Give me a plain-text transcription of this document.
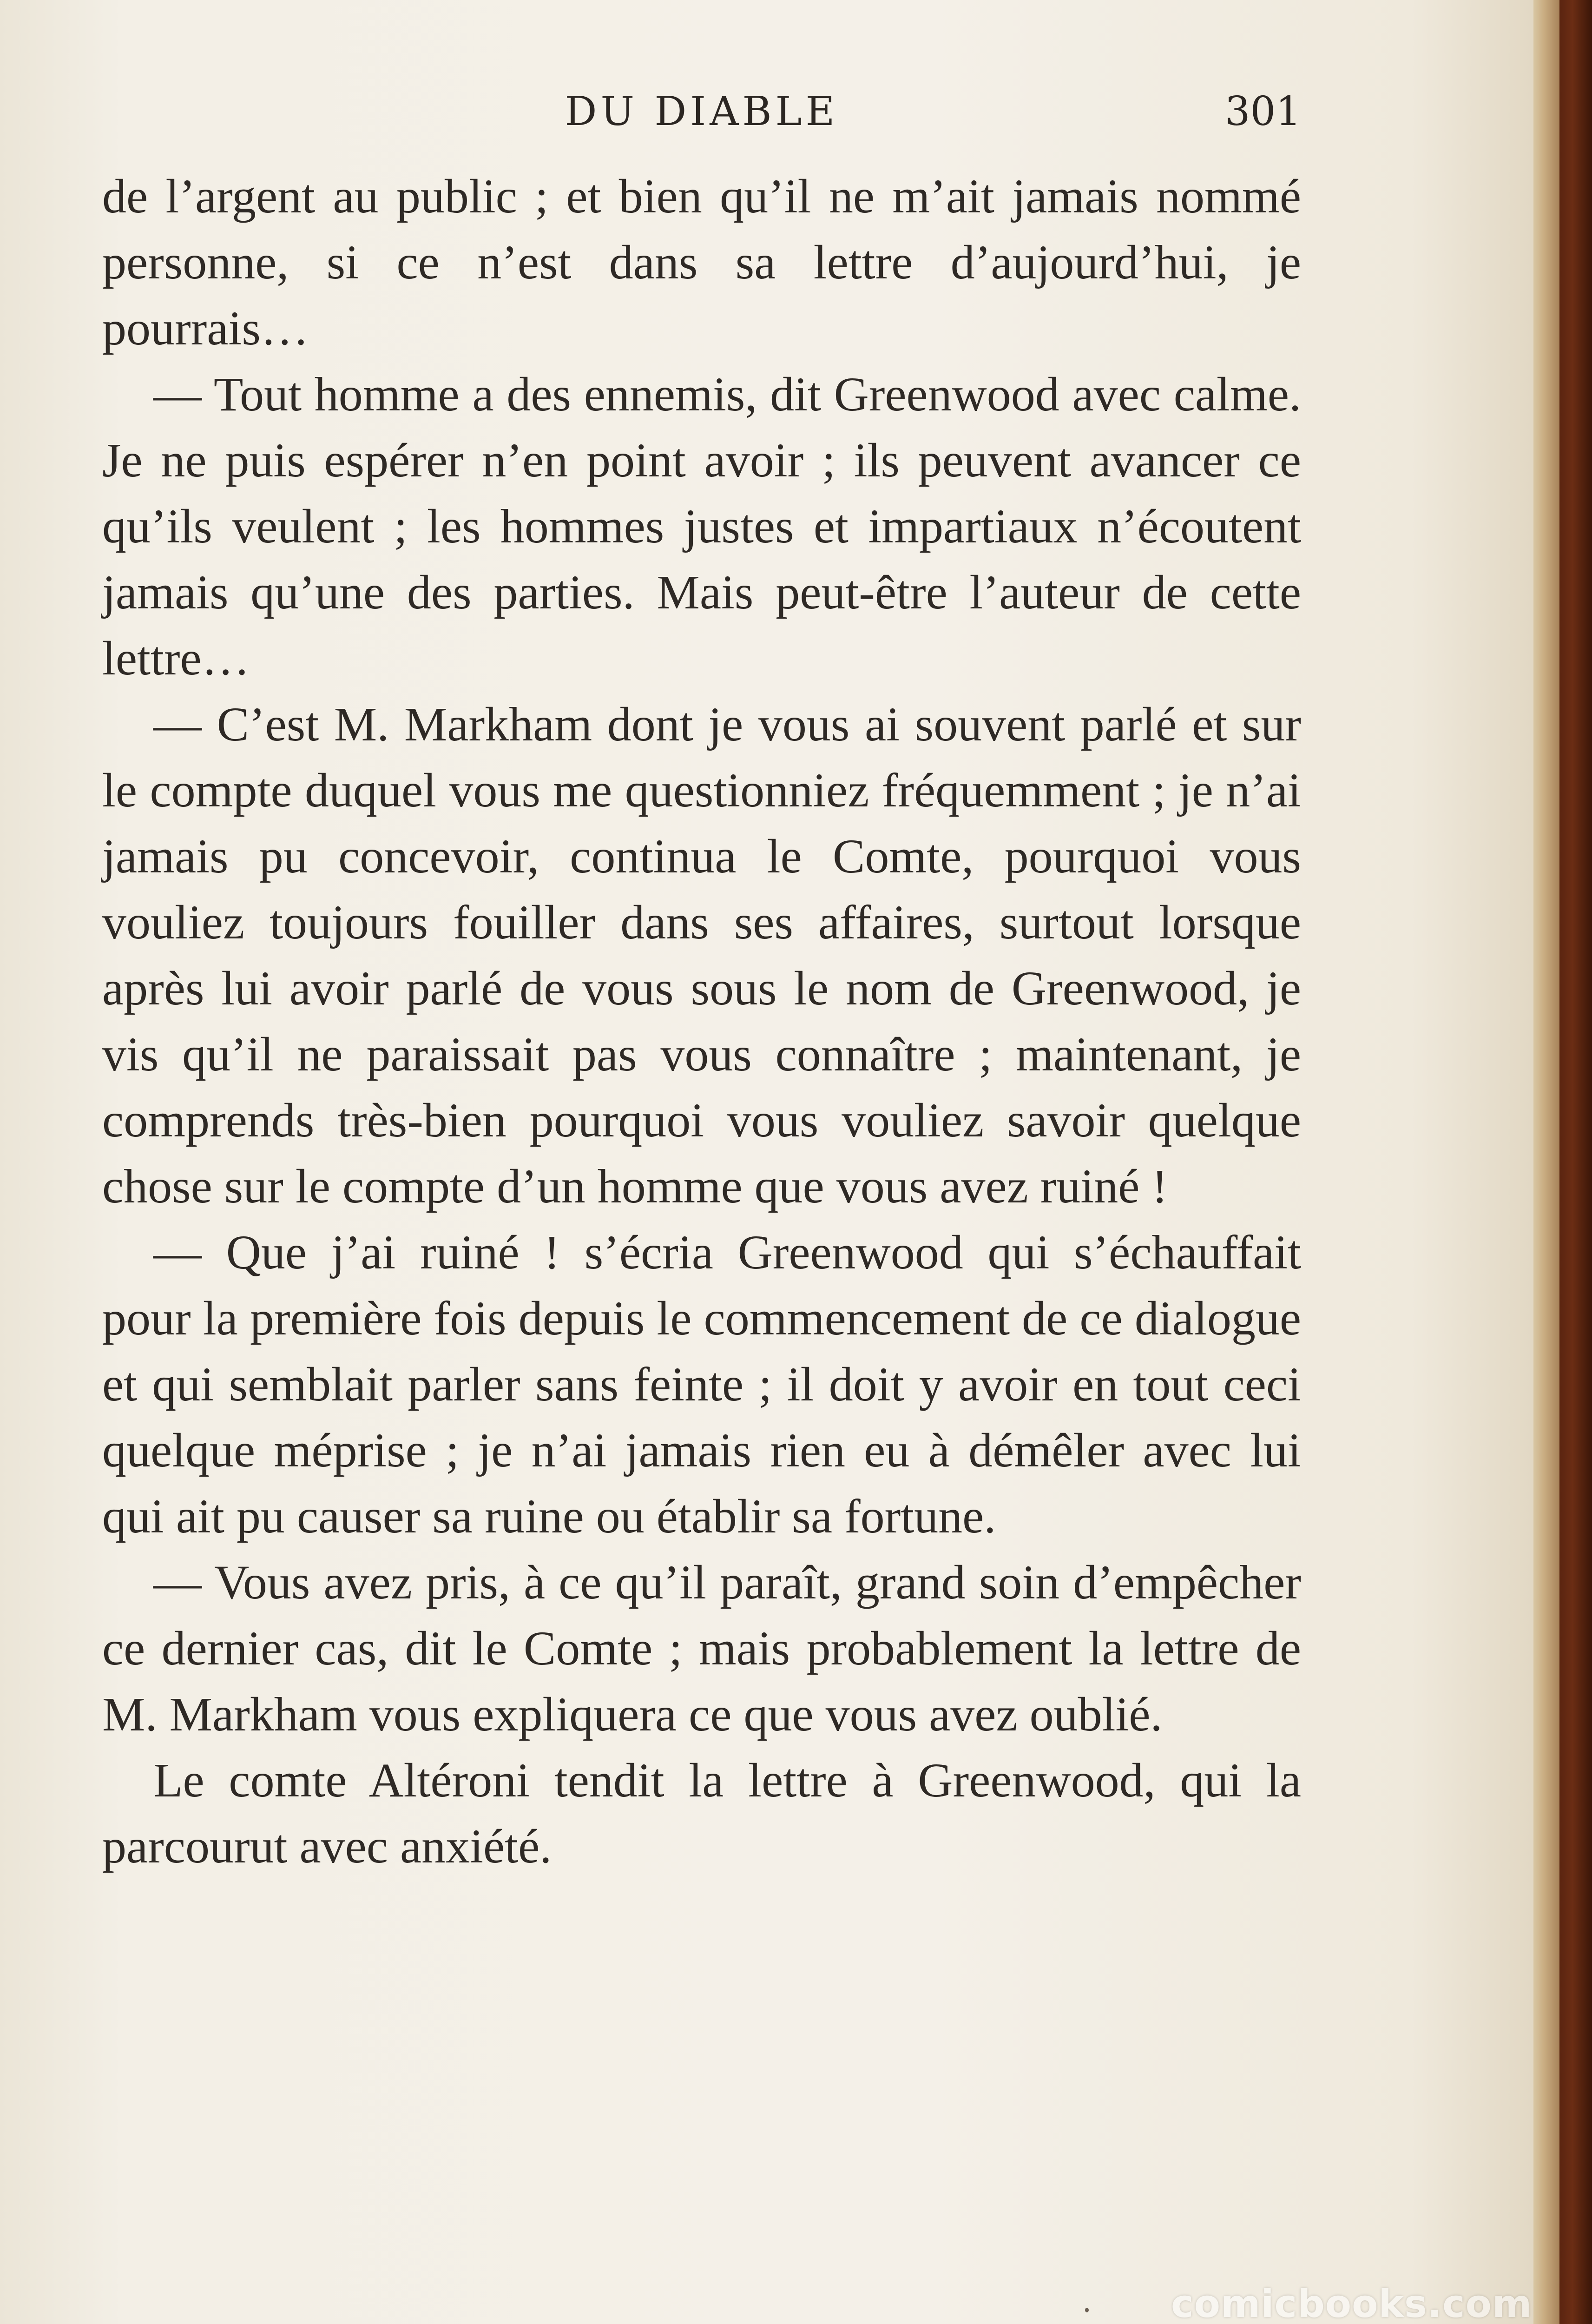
DU DIABLE	301

de l’argent au public ; et bien qu’il ne m’ait jamais nommé personne, si ce n’est dans sa lettre d’aujourd’hui, je pourrais…

— Tout homme a des ennemis, dit Greenwood avec calme. Je ne puis espérer n’en point avoir ; ils peuvent avancer ce qu’ils veulent ; les hommes justes et impartiaux n’écoutent jamais qu’une des parties. Mais peut-être l’auteur de cette lettre…

— C’est M. Markham dont je vous ai souvent parlé et sur le compte duquel vous me questionniez fréquemment ; je n’ai jamais pu concevoir, continua le Comte, pourquoi vous vouliez toujours fouiller dans ses affaires, surtout lorsque après lui avoir parlé de vous sous le nom de Greenwood, je vis qu’il ne paraissait pas vous connaître ; maintenant, je comprends très-bien pourquoi vous vouliez savoir quelque chose sur le compte d’un homme que vous avez ruiné !

— Que j’ai ruiné ! s’écria Greenwood qui s’échauffait pour la première fois depuis le commencement de ce dialogue et qui semblait parler sans feinte ; il doit y avoir en tout ceci quelque méprise ; je n’ai jamais rien eu à démêler avec lui qui ait pu causer sa ruine ou établir sa fortune.

— Vous avez pris, à ce qu’il paraît, grand soin d’empêcher ce dernier cas, dit le Comte ; mais probablement la lettre de M. Markham vous expliquera ce que vous avez oublié.

Le comte Altéroni tendit la lettre à Greenwood, qui la parcourut avec anxiété.

comicbooks.com
